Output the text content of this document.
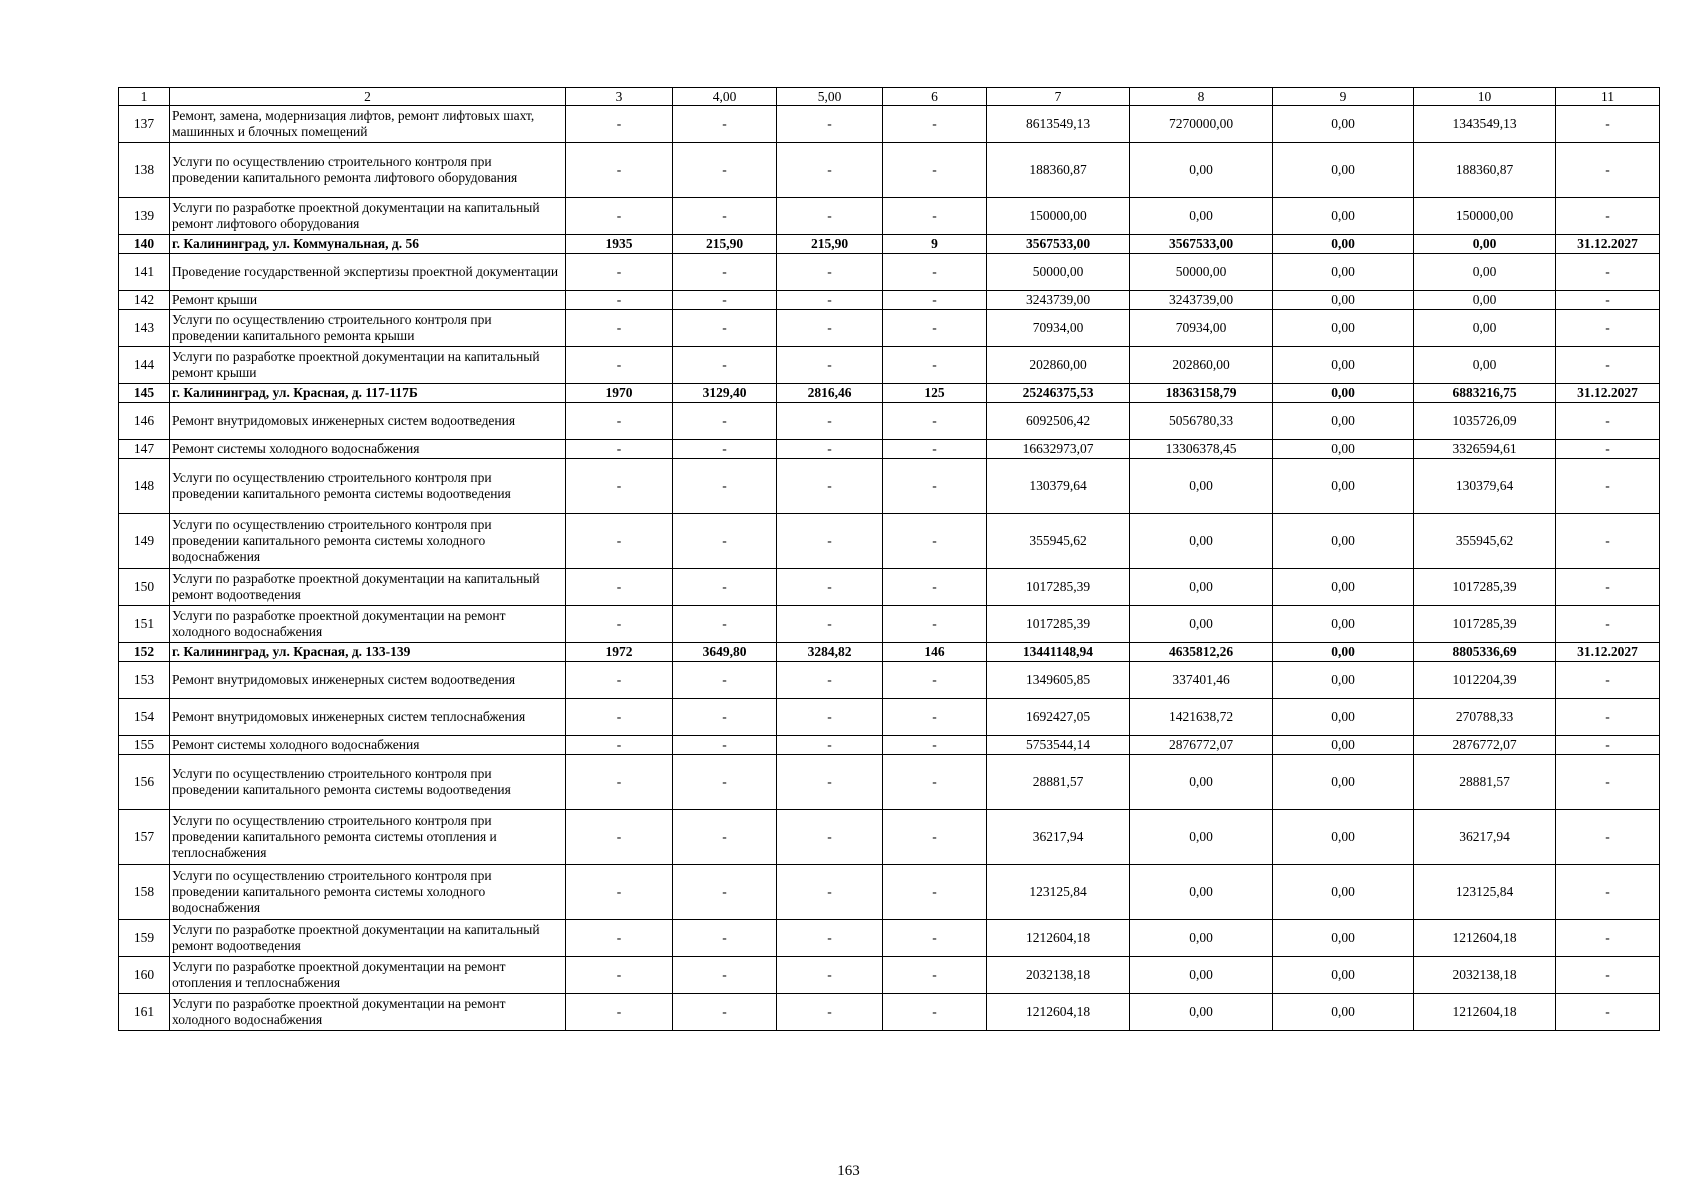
1	2	3	4,00	5,00	6	7	8	9	10	11
137	Ремонт, замена, модернизация лифтов, ремонт лифтовых шахт, машинных и блочных помещений	-	-	-	-	8613549,13	7270000,00	0,00	1343549,13	-
138	Услуги по осуществлению строительного контроля при проведении капитального ремонта лифтового оборудования	-	-	-	-	188360,87	0,00	0,00	188360,87	-
139	Услуги по разработке проектной документации на капитальный ремонт лифтового оборудования	-	-	-	-	150000,00	0,00	0,00	150000,00	-
140	г. Калининград, ул. Коммунальная, д. 56	1935	215,90	215,90	9	3567533,00	3567533,00	0,00	0,00	31.12.2027
141	Проведение государственной экспертизы проектной документации	-	-	-	-	50000,00	50000,00	0,00	0,00	-
142	Ремонт крыши	-	-	-	-	3243739,00	3243739,00	0,00	0,00	-
143	Услуги по осуществлению строительного контроля при проведении капитального ремонта крыши	-	-	-	-	70934,00	70934,00	0,00	0,00	-
144	Услуги по разработке проектной документации на капитальный ремонт крыши	-	-	-	-	202860,00	202860,00	0,00	0,00	-
145	г. Калининград, ул. Красная, д. 117-117Б	1970	3129,40	2816,46	125	25246375,53	18363158,79	0,00	6883216,75	31.12.2027
146	Ремонт внутридомовых инженерных систем водоотведения	-	-	-	-	6092506,42	5056780,33	0,00	1035726,09	-
147	Ремонт системы холодного водоснабжения	-	-	-	-	16632973,07	13306378,45	0,00	3326594,61	-
148	Услуги по осуществлению строительного контроля при проведении капитального ремонта системы водоотведения	-	-	-	-	130379,64	0,00	0,00	130379,64	-
149	Услуги по осуществлению строительного контроля при проведении капитального ремонта системы холодного водоснабжения	-	-	-	-	355945,62	0,00	0,00	355945,62	-
150	Услуги по разработке проектной документации на капитальный ремонт водоотведения	-	-	-	-	1017285,39	0,00	0,00	1017285,39	-
151	Услуги по разработке проектной документации на ремонт холодного водоснабжения	-	-	-	-	1017285,39	0,00	0,00	1017285,39	-
152	г. Калининград, ул. Красная, д. 133-139	1972	3649,80	3284,82	146	13441148,94	4635812,26	0,00	8805336,69	31.12.2027
153	Ремонт внутридомовых инженерных систем водоотведения	-	-	-	-	1349605,85	337401,46	0,00	1012204,39	-
154	Ремонт внутридомовых инженерных систем теплоснабжения	-	-	-	-	1692427,05	1421638,72	0,00	270788,33	-
155	Ремонт системы холодного водоснабжения	-	-	-	-	5753544,14	2876772,07	0,00	2876772,07	-
156	Услуги по осуществлению строительного контроля при проведении капитального ремонта системы водоотведения	-	-	-	-	28881,57	0,00	0,00	28881,57	-
157	Услуги по осуществлению строительного контроля при проведении капитального ремонта системы отопления и теплоснабжения	-	-	-	-	36217,94	0,00	0,00	36217,94	-
158	Услуги по осуществлению строительного контроля при проведении капитального ремонта системы холодного водоснабжения	-	-	-	-	123125,84	0,00	0,00	123125,84	-
159	Услуги по разработке проектной документации на капитальный ремонт водоотведения	-	-	-	-	1212604,18	0,00	0,00	1212604,18	-
160	Услуги по разработке проектной документации на ремонт отопления и теплоснабжения	-	-	-	-	2032138,18	0,00	0,00	2032138,18	-
161	Услуги по разработке проектной документации на ремонт холодного водоснабжения	-	-	-	-	1212604,18	0,00	0,00	1212604,18	-
163
